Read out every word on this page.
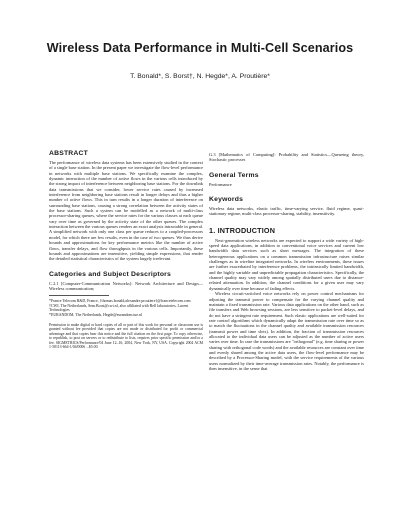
Wireless Data Performance in Multi-Cell Scenarios
T. Bonald*, S. Borst†, N. Hegde*, A. Proutière*
ABSTRACT

The performance of wireless data systems has been extensively studied in the context of a single base station. In the present paper we investigate the flow-level performance in networks with multiple base stations. We specifically examine the complex, dynamic interaction of the number of active flows in the various cells introduced by the strong impact of interference between neighboring base stations. For the downlink data transmissions that we consider, lower service rates caused by increased interference from neighboring base stations result in longer delays and thus a higher number of active flows. This in turn results in a longer duration of interference on surrounding base stations, causing a strong correlation between the activity states of the base stations. Such a system can be modelled as a network of multi-class processor-sharing queues, where the service rates for the various classes at each queue vary over time as governed by the activity state of the other queues. The complex interaction between the various queues renders an exact analysis intractable in general. A simplified network with only one class per queue reduces to a coupled-processors model, for which there are few results, even in the case of two queues. We thus derive bounds and approximations for key performance metrics like the number of active flows, transfer delays, and flow throughputs in the various cells. Importantly, these bounds and approximations are insensitive, yielding simple expressions, that render the detailed statistical characteristics of the system largely irrelevant.

Categories and Subject Descriptors

C.2.1 [Computer-Communication Networks]: Network Architecture and Design—Wireless communication;

*France Telecom R&D, France, {thomas.bonald,alexandre.proutiere}@francetelecom.com

†CWI, The Netherlands, Sem.Borst@cwi.nl, also affiliated with Bell laboratories, Lucent Technologies

*EURANDOM, The Netherlands, Hegde@eurandom.tue.nl

Permission to make digital or hard copies of all or part of this work for personal or classroom use is granted without fee provided that copies are not made or distributed for profit or commercial advantage and that copies bear this notice and the full citation on the first page. To copy otherwise, to republish, to post on servers or to redistribute to lists, requires prior specific permission and/or a fee. SIGMETRICS/Performance'04 June 12–16, 2004, New York, NY, USA. Copyright 2004 ACM 1-58113-664-1/04/0006 ...$5.00.

G.3 [Mathematics of Computing]: Probability and Statistics—Queueing theory, Stochastic processes

General Terms

Performance

Keywords

Wireless data networks, elastic traffic, time-varying service, fluid regime, quasi-stationary regime, multi-class processor-sharing, stability, insensitivity.

1. INTRODUCTION

Next-generation wireless networks are expected to support a wide variety of high-speed data applications, in addition to conventional voice services and current low bandwidth data services such as short messages. The integration of these heterogeneous applications on a common transmission infrastructure raises similar challenges as in wireline integrated networks. In wireless environments, these issues are further exacerbated by interference problems, the intrinsically limited bandwidth, and the highly variable and unpredictable propagation characteristics. Specifically, the channel quality may vary widely among spatially distributed users due to distance-related attenuation. In addition, the channel conditions for a given user may vary dynamically over time because of fading effects.

Wireless circuit-switched voice networks rely on power control mechanisms for adjusting the transmit power to compensate for the varying channel quality and maintain a fixed transmission rate. Various data applications on the other hand, such as file transfers and Web browsing sessions, are less sensitive to packet-level delays, and do not have a stringent rate requirement. Such elastic applications are well-suited for rate control algorithms which dynamically adapt the transmission rate over time so as to match the fluctuations in the channel quality and available transmission resources (transmit power and time slots). In addition, the fraction of transmission resources allocated to the individual data users can be adjusted as the number of active users varies over time. In case the transmissions are "orthogonal" (e.g. time sharing or power sharing with orthogonal code words) and the available resources are constant over time and evenly shared among the active data users, the flow-level performance may be described by a Processor-Sharing model, with the service requirements of the various users normalized by their time-average transmission rates. Notably, the performance is then insensitive, in the sense that
